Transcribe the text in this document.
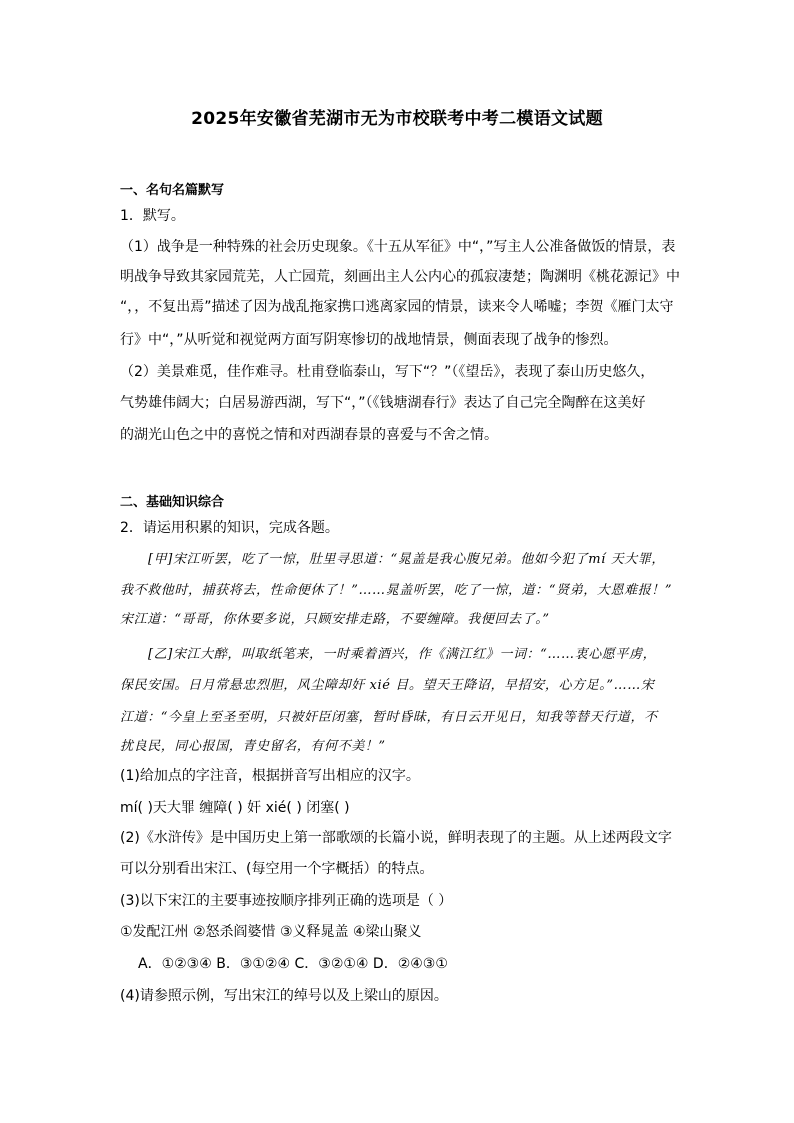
2025年安徽省芜湖市无为市校联考中考二模语文试题
一、名句名篇默写
1．默写。
（1）战争是一种特殊的社会历史现象。《十五从军征》中“，”写主人公准备做饭的情景，表
明战争导致其家园荒芜，人亡园荒，刻画出主人公内心的孤寂凄楚；陶渊明《桃花源记》中
“，，不复出焉”描述了因为战乱拖家携口逃离家园的情景，读来令人唏嘘；李贺《雁门太守
行》中“，”从听觉和视觉两方面写阴寒惨切的战地情景，侧面表现了战争的惨烈。
（2）美景难觅，佳作难寻。杜甫登临泰山，写下“？”（《望岳》，表现了泰山历史悠久，
气势雄伟阔大；白居易游西湖，写下“，”（《钱塘湖春行》表达了自己完全陶醉在这美好
的湖光山色之中的喜悦之情和对西湖春景的喜爱与不舍之情。
二、基础知识综合
2．请运用积累的知识，完成各题。
[甲]宋江听罢，吃了一惊，肚里寻思道：“晁盖是我心腹兄弟。他如今犯了mí 天大罪，
我不救他时，捕获将去，性命便休了！”……晁盖听罢，吃了一惊，道：“贤弟，大恩难报！”
宋江道：“哥哥，你休要多说，只顾安排走路，不要缠障。我便回去了。”
[乙]宋江大醉，叫取纸笔来，一时乘着酒兴，作《满江红》一词：“……衷心愿平虏，
保民安国。日月常悬忠烈胆，风尘障却奸 xié 目。望天王降诏，早招安，心方足。”……宋
江道：“今皇上至圣至明，只被奸臣闭塞，暂时昏昧，有日云开见日，知我等替天行道，不
扰良民，同心报国，青史留名，有何不美！”
(1)给加点的字注音，根据拼音写出相应的汉字。
mí( )天大罪 缠障( ) 奸 xié( ) 闭塞( )
(2)《水浒传》是中国历史上第一部歌颂的长篇小说，鲜明表现了的主题。从上述两段文字
可以分别看出宋江、(每空用一个字概括）的特点。
(3)以下宋江的主要事迹按顺序排列正确的选项是（ ）
①发配江州 ②怒杀阎婆惜 ③义释晁盖 ④梁山聚义
A．①②③④ B．③①②④ C．③②①④ D．②④③①
(4)请参照示例，写出宋江的绰号以及上梁山的原因。
